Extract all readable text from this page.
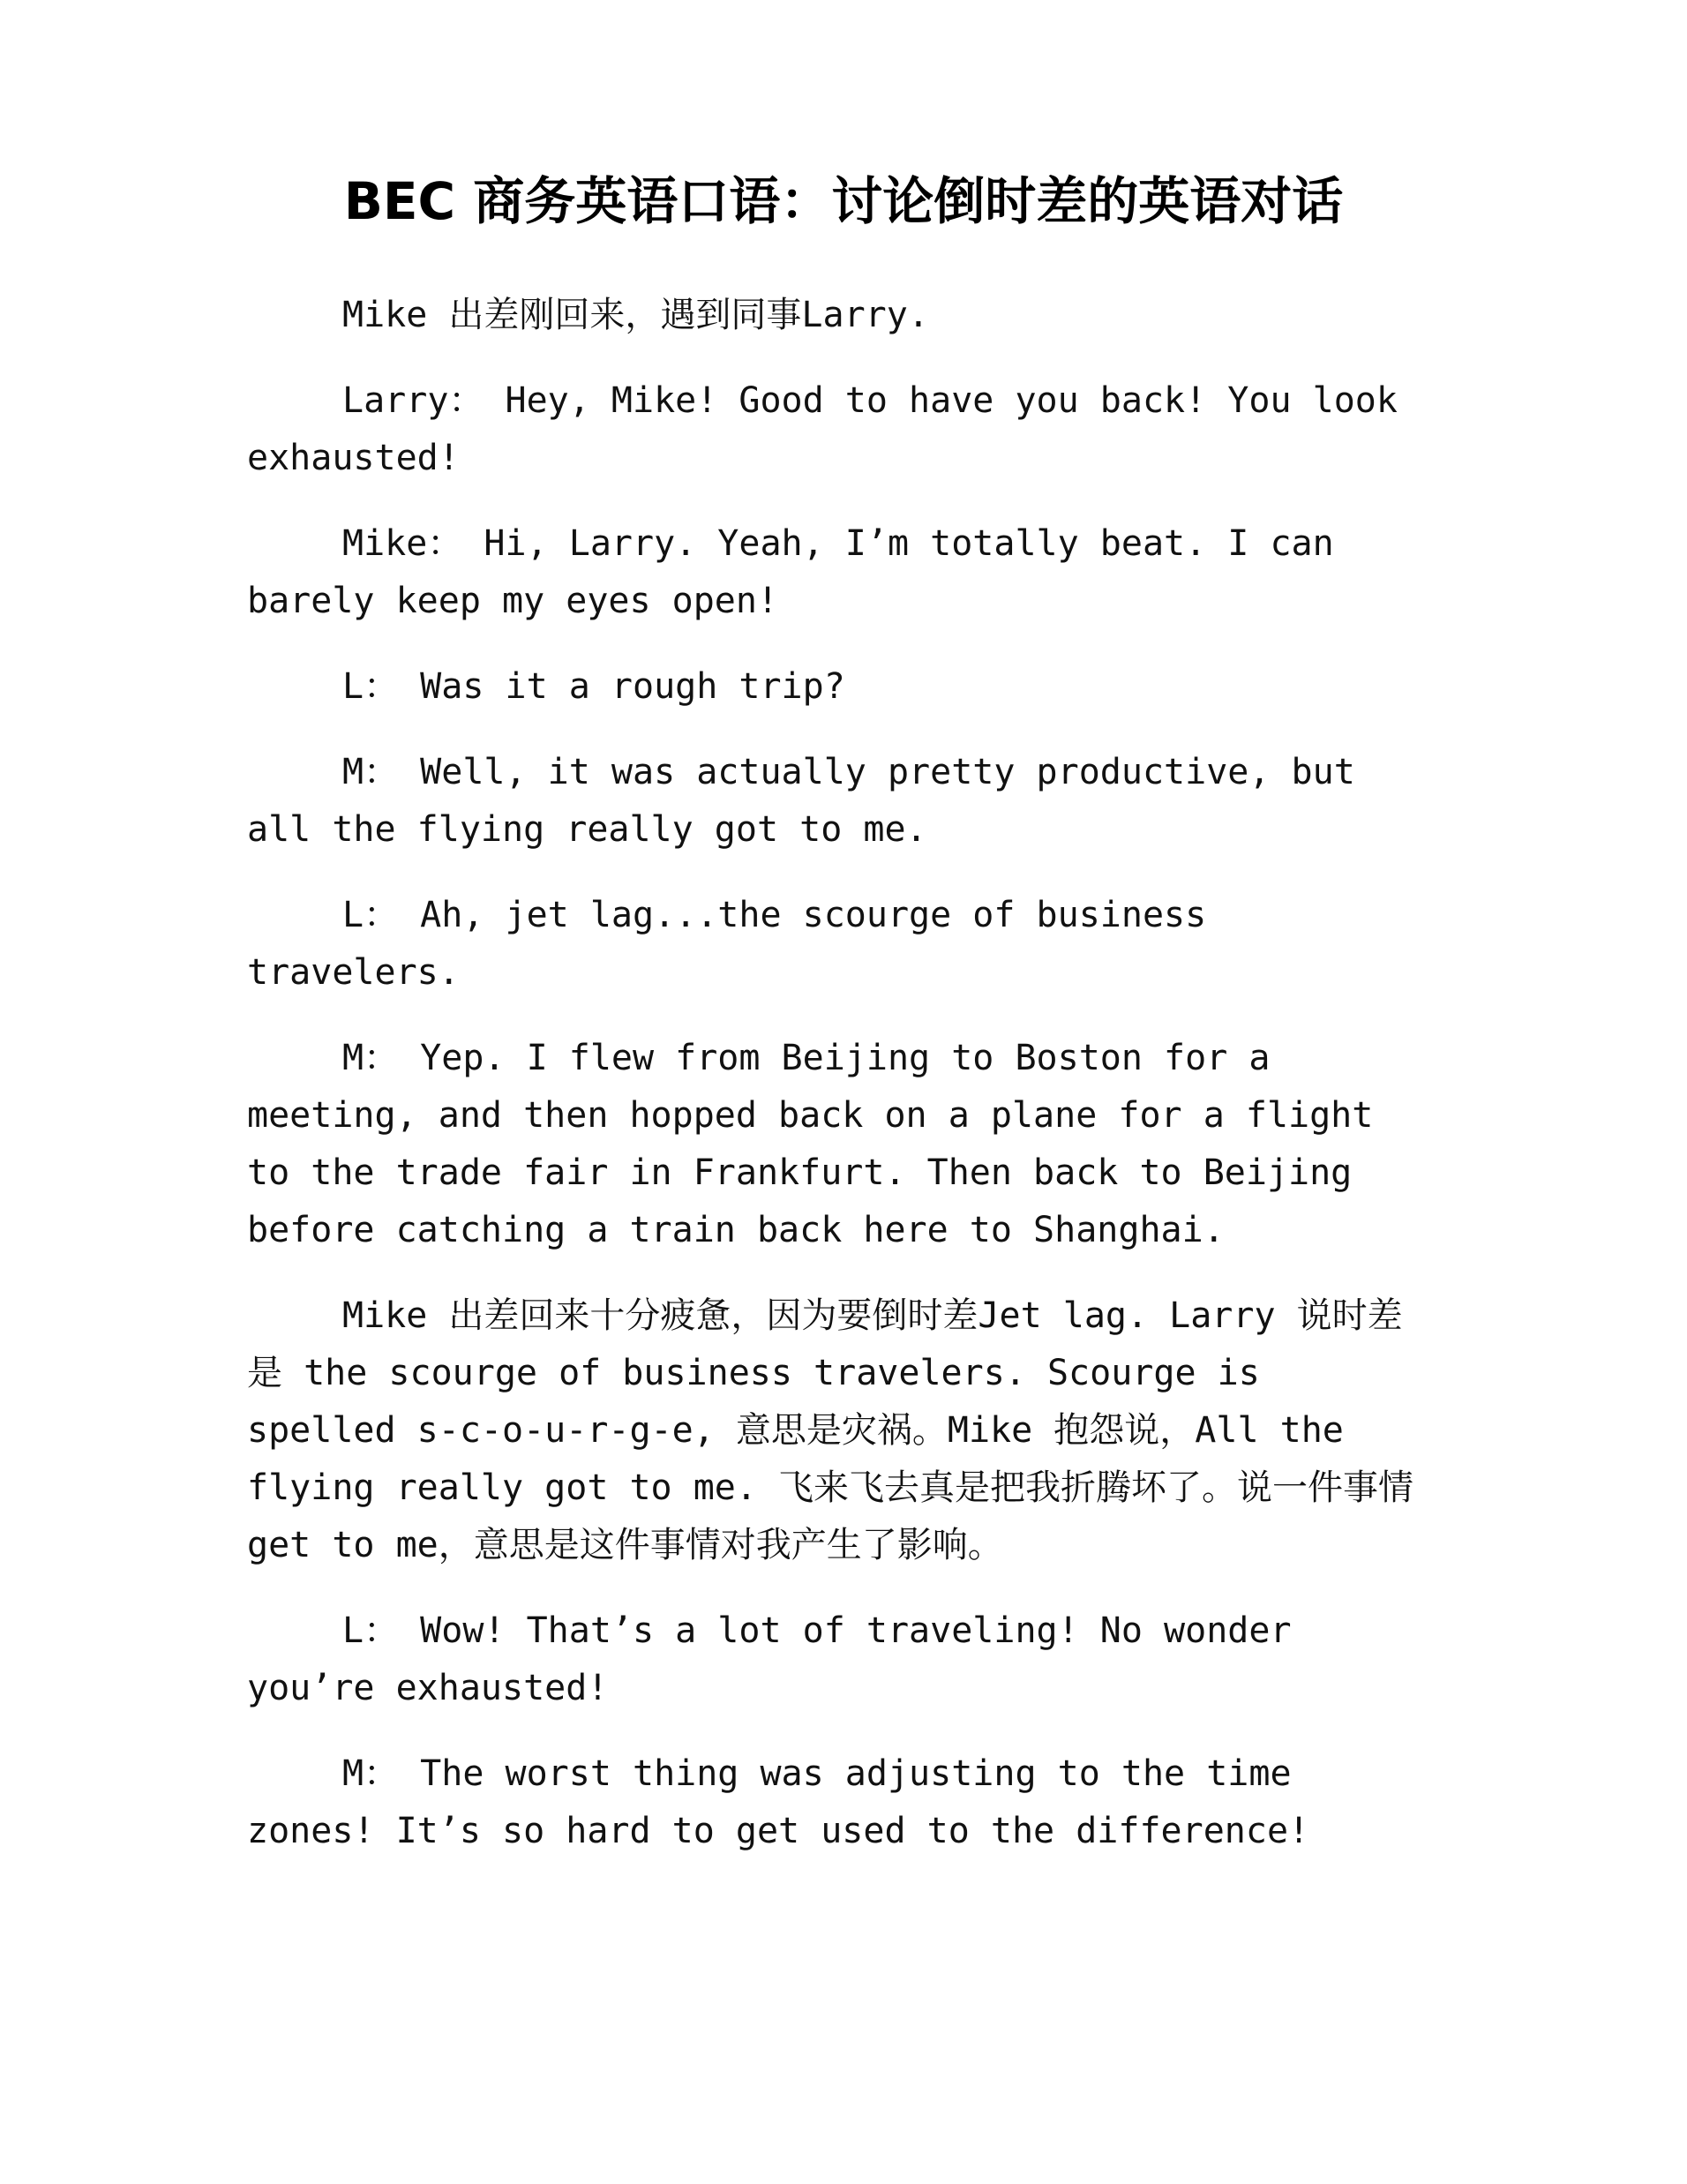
BEC 商务英语口语：讨论倒时差的英语对话

Mike 出差刚回来，遇到同事Larry.

Larry： Hey, Mike! Good to have you back! You look exhausted!

Mike： Hi, Larry. Yeah, I’m totally beat. I can barely keep my eyes open!

L： Was it a rough trip?

M： Well, it was actually pretty productive, but all the flying really got to me.

L： Ah, jet lag...the scourge of business travelers.

M： Yep. I flew from Beijing to Boston for a meeting, and then hopped back on a plane for a flight to the trade fair in Frankfurt. Then back to Beijing before catching a train back here to Shanghai.

Mike 出差回来十分疲惫，因为要倒时差Jet lag. Larry 说时差是 the scourge of business travelers. Scourge is spelled s-c-o-u-r-g-e, 意思是灾祸。Mike 抱怨说，All the flying really got to me. 飞来飞去真是把我折腾坏了。说一件事情get to me，意思是这件事情对我产生了影响。

L： Wow! That’s a lot of traveling! No wonder you’re exhausted!

M： The worst thing was adjusting to the time zones! It’s so hard to get used to the difference!
